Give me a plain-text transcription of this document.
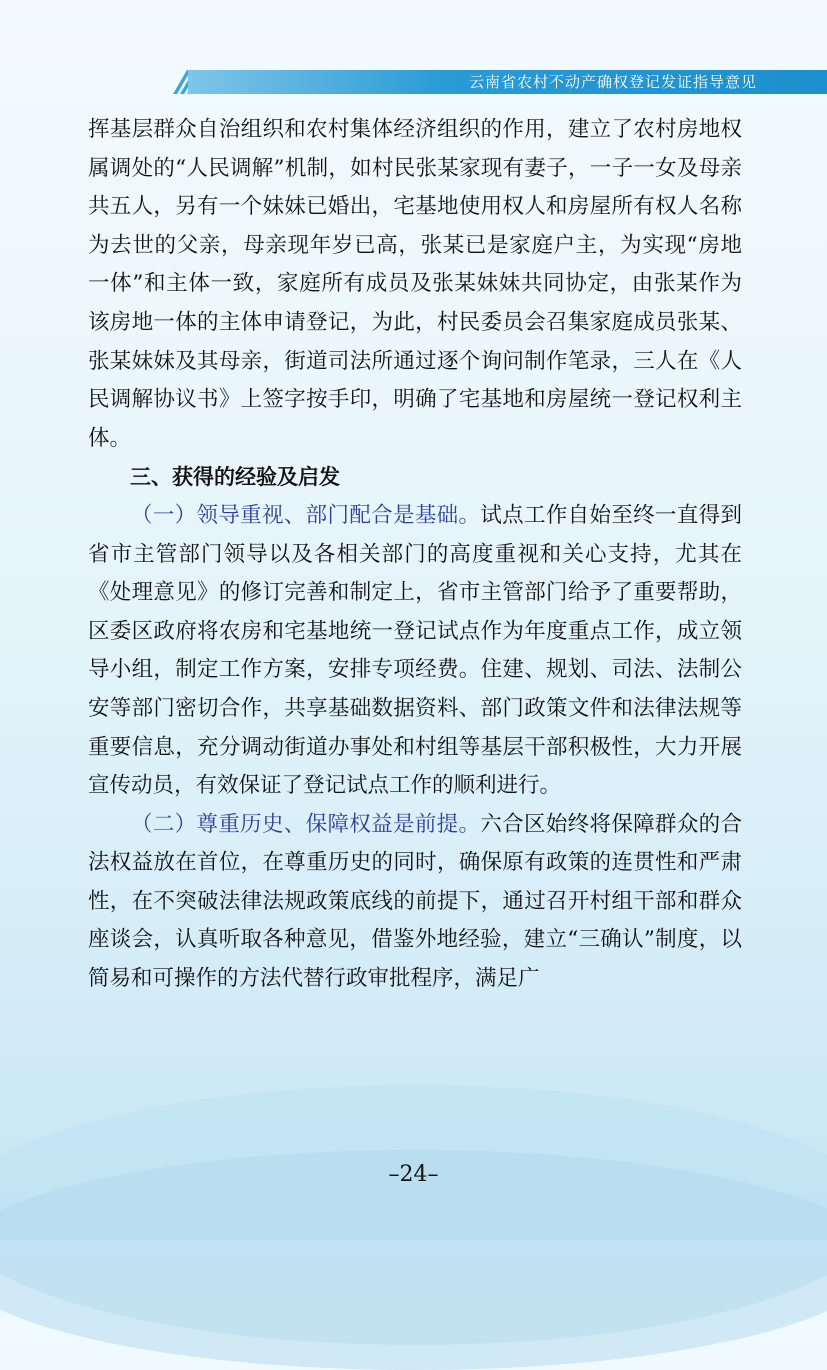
云南省农村不动产确权登记发证指导意见

挥基层群众自治组织和农村集体经济组织的作用，建立了农村房地权属调处的“人民调解”机制，如村民张某家现有妻子，一子一女及母亲共五人，另有一个妹妹已婚出，宅基地使用权人和房屋所有权人名称为去世的父亲，母亲现年岁已高，张某已是家庭户主，为实现“房地一体”和主体一致，家庭所有成员及张某妹妹共同协定，由张某作为该房地一体的主体申请登记，为此，村民委员会召集家庭成员张某、张某妹妹及其母亲，街道司法所通过逐个询问制作笔录，三人在《人民调解协议书》上签字按手印，明确了宅基地和房屋统一登记权利主体。

三、获得的经验及启发

（一）领导重视、部门配合是基础。试点工作自始至终一直得到省市主管部门领导以及各相关部门的高度重视和关心支持，尤其在《处理意见》的修订完善和制定上，省市主管部门给予了重要帮助，区委区政府将农房和宅基地统一登记试点作为年度重点工作，成立领导小组，制定工作方案，安排专项经费。住建、规划、司法、法制公安等部门密切合作，共享基础数据资料、部门政策文件和法律法规等重要信息，充分调动街道办事处和村组等基层干部积极性，大力开展宣传动员，有效保证了登记试点工作的顺利进行。

（二）尊重历史、保障权益是前提。六合区始终将保障群众的合法权益放在首位，在尊重历史的同时，确保原有政策的连贯性和严肃性，在不突破法律法规政策底线的前提下，通过召开村组干部和群众座谈会，认真听取各种意见，借鉴外地经验，建立“三确认”制度，以简易和可操作的方法代替行政审批程序，满足广

–24–
